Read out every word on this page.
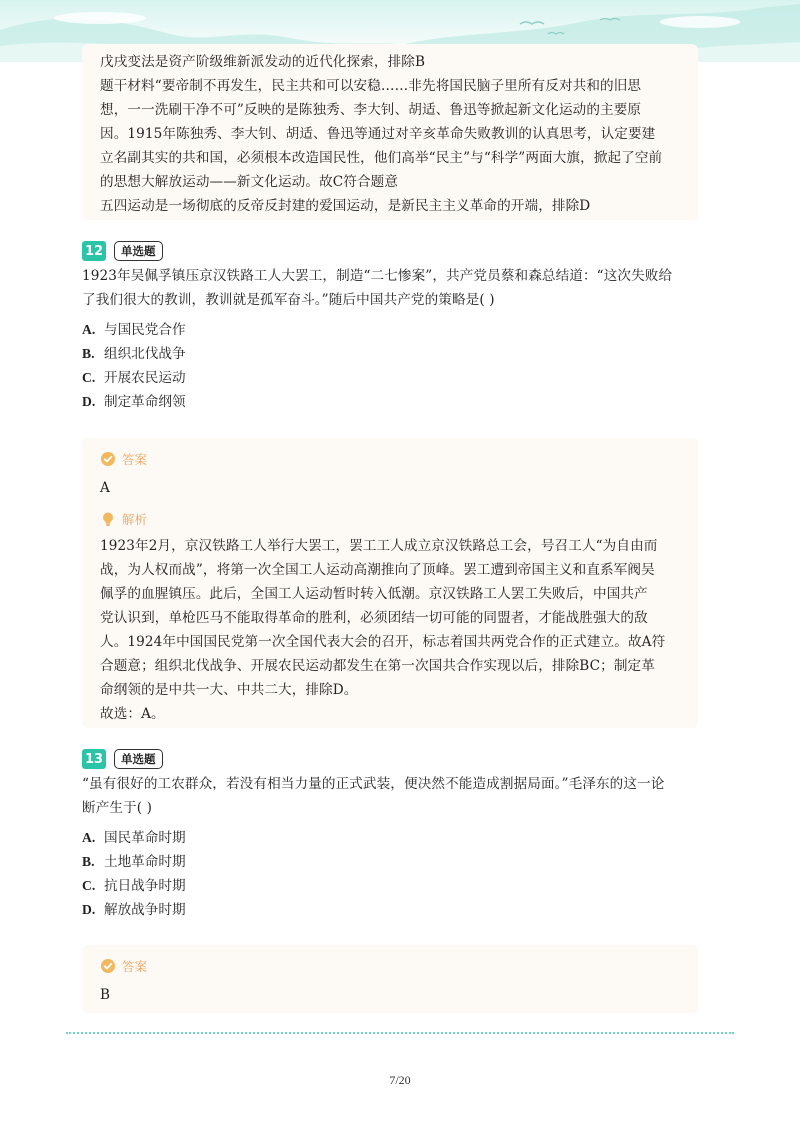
戊戌变法是资产阶级维新派发动的近代化探索，排除B
题干材料“要帝制不再发生，民主共和可以安稳……非先将国民脑子里所有反对共和的旧思
想，一一洗刷干净不可”反映的是陈独秀、李大钊、胡适、鲁迅等掀起新文化运动的主要原
因。1915年陈独秀、李大钊、胡适、鲁迅等通过对辛亥革命失败教训的认真思考，认定要建
立名副其实的共和国，必须根本改造国民性，他们高举“民主”与“科学”两面大旗，掀起了空前
的思想大解放运动——新文化运动。故C符合题意
五四运动是一场彻底的反帝反封建的爱国运动，是新民主主义革命的开端，排除D
12	单选题
1923年吴佩孚镇压京汉铁路工人大罢工，制造“二七惨案”，共产党员蔡和森总结道：“这次失败给
了我们很大的教训，教训就是孤军奋斗。”随后中国共产党的策略是( )
A. 与国民党合作
B. 组织北伐战争
C. 开展农民运动
D. 制定革命纲领
答案
A
解析
1923年2月，京汉铁路工人举行大罢工，罢工工人成立京汉铁路总工会，号召工人“为自由而
战，为人权而战”，将第一次全国工人运动高潮推向了顶峰。罢工遭到帝国主义和直系军阀吴
佩孚的血腥镇压。此后，全国工人运动暂时转入低潮。京汉铁路工人罢工失败后，中国共产
党认识到，单枪匹马不能取得革命的胜利，必须团结一切可能的同盟者，才能战胜强大的敌
人。1924年中国国民党第一次全国代表大会的召开，标志着国共两党合作的正式建立。故A符
合题意；组织北伐战争、开展农民运动都发生在第一次国共合作实现以后，排除BC；制定革
命纲领的是中共一大、中共二大，排除D。
故选：A。
13	单选题
“虽有很好的工农群众，若没有相当力量的正式武装，便决然不能造成割据局面。”毛泽东的这一论
断产生于( )
A. 国民革命时期
B. 土地革命时期
C. 抗日战争时期
D. 解放战争时期
答案
B
7/20
